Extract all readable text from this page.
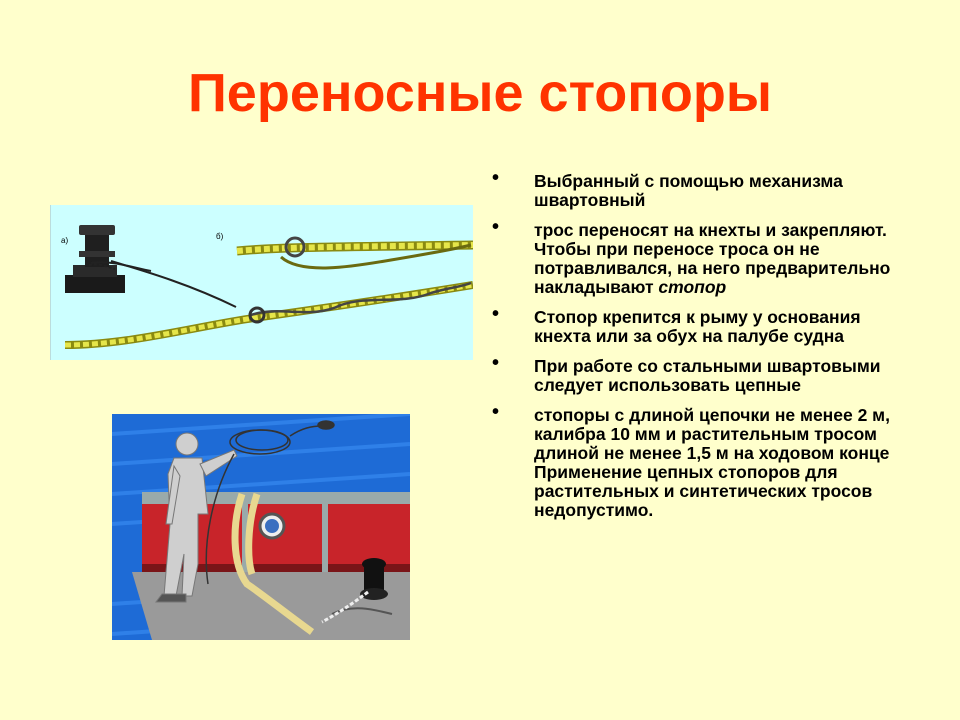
Переносные стопоры
• Выбранный с помощью механизма швартовный
• трос переносят на кнехты и закрепляют. Чтобы при переносе троса он не потравливался, на него предварительно накладывают стопор
• Стопор крепится к рыму у основания кнехта или за обух на палубе судна
• При работе со стальными швартовыми следует использовать цепные
• стопоры с длиной цепочки не менее 2 м, калибра 10 мм и растительным тросом длиной не менее 1,5 м на ходовом конце Применение цепных стопоров для растительных и синтетических тросов недопустимо.
а)	б)
